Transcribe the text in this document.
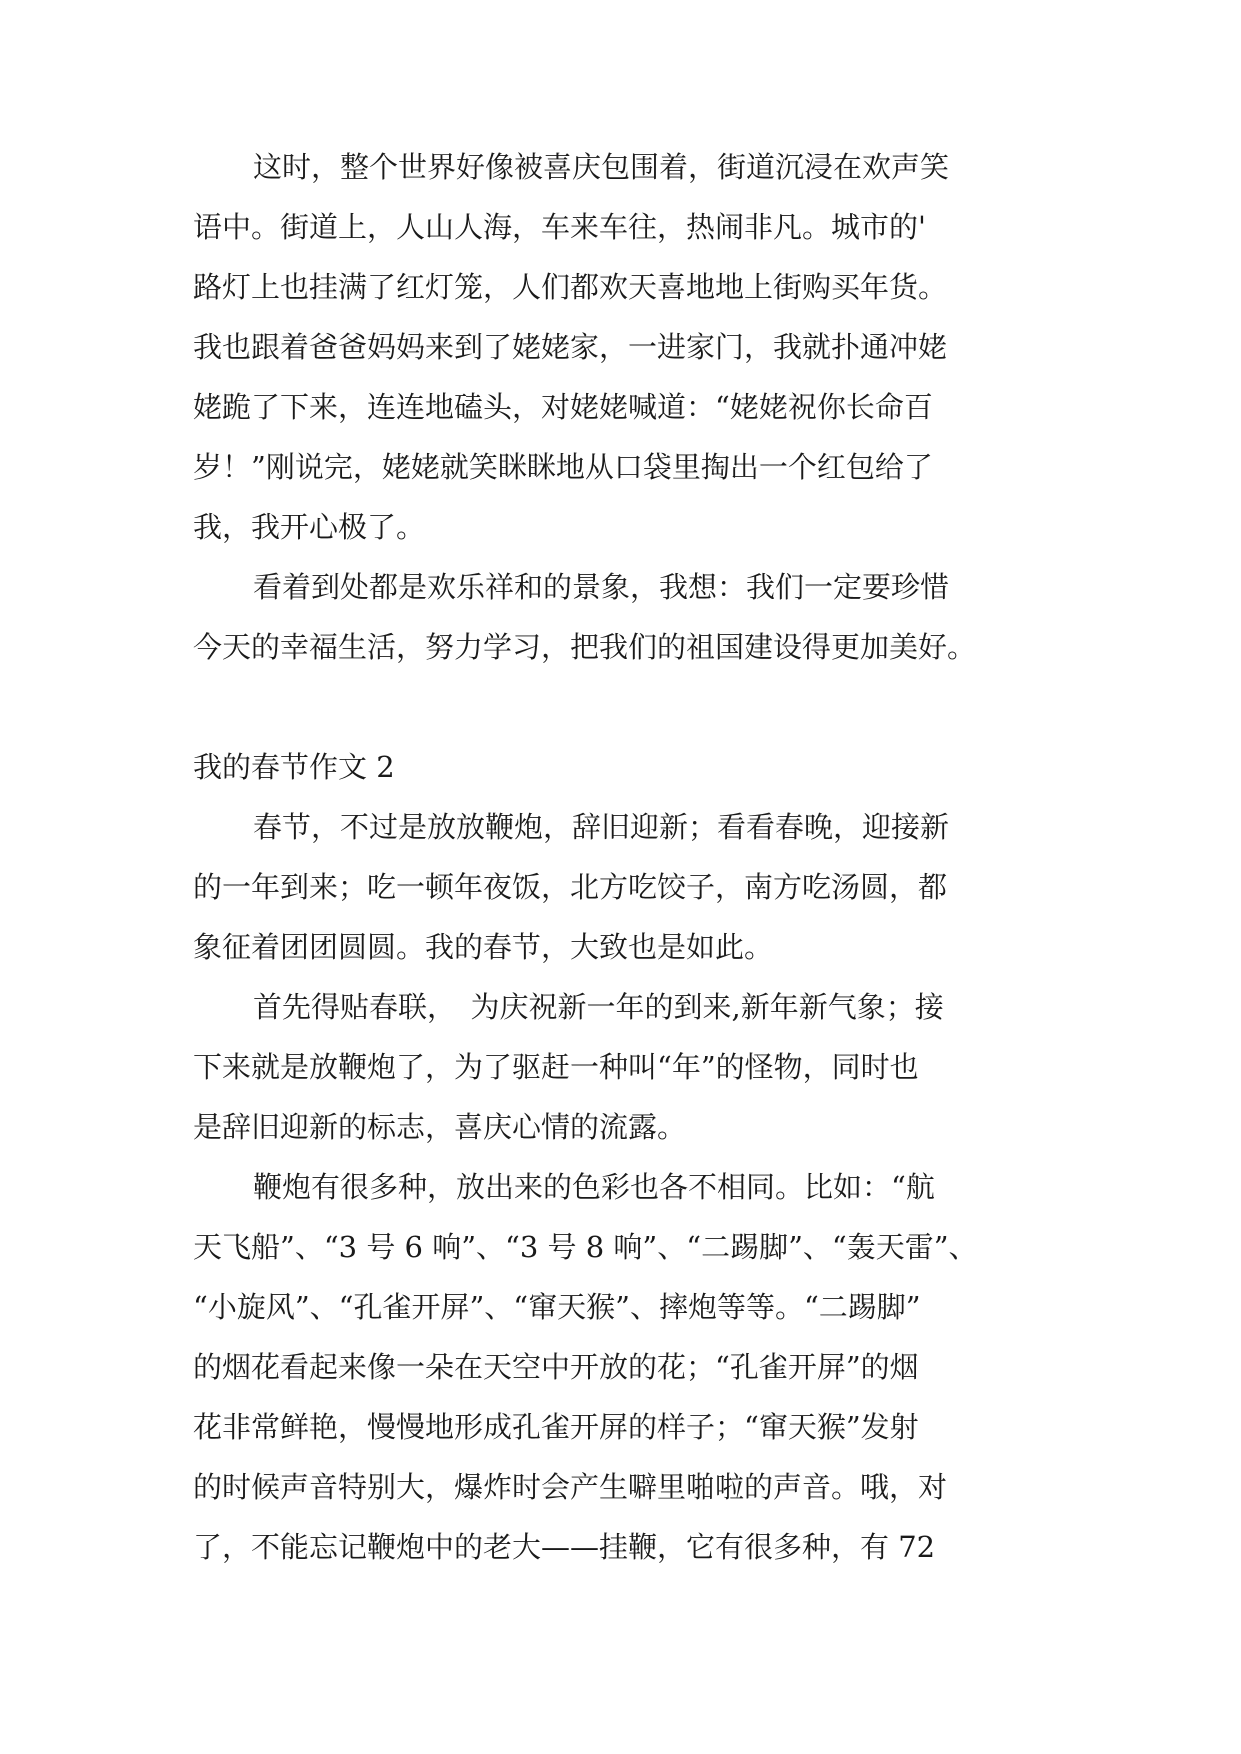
这时，整个世界好像被喜庆包围着，街道沉浸在欢声笑
语中。街道上，人山人海，车来车往，热闹非凡。城市的'
路灯上也挂满了红灯笼，人们都欢天喜地地上街购买年货。
我也跟着爸爸妈妈来到了姥姥家，一进家门，我就扑通冲姥
姥跪了下来，连连地磕头，对姥姥喊道：“姥姥祝你长命百
岁！”刚说完，姥姥就笑眯眯地从口袋里掏出一个红包给了
我，我开心极了。
看着到处都是欢乐祥和的景象，我想：我们一定要珍惜
今天的幸福生活，努力学习，把我们的祖国建设得更加美好。
我的春节作文 2
春节，不过是放放鞭炮，辞旧迎新；看看春晚，迎接新
的一年到来；吃一顿年夜饭，北方吃饺子，南方吃汤圆，都
象征着团团圆圆。我的春节，大致也是如此。
首先得贴春联，　为庆祝新一年的到来,新年新气象；接
下来就是放鞭炮了，为了驱赶一种叫“年”的怪物，同时也
是辞旧迎新的标志，喜庆心情的流露。
鞭炮有很多种，放出来的色彩也各不相同。比如：“航
天飞船”、“3 号 6 响”、“3 号 8 响”、“二踢脚”、“轰天雷”、
“小旋风”、“孔雀开屏”、“窜天猴”、摔炮等等。“二踢脚”
的烟花看起来像一朵在天空中开放的花；“孔雀开屏”的烟
花非常鲜艳，慢慢地形成孔雀开屏的样子；“窜天猴”发射
的时候声音特别大，爆炸时会产生噼里啪啦的声音。哦，对
了，不能忘记鞭炮中的老大——挂鞭，它有很多种，有 72
